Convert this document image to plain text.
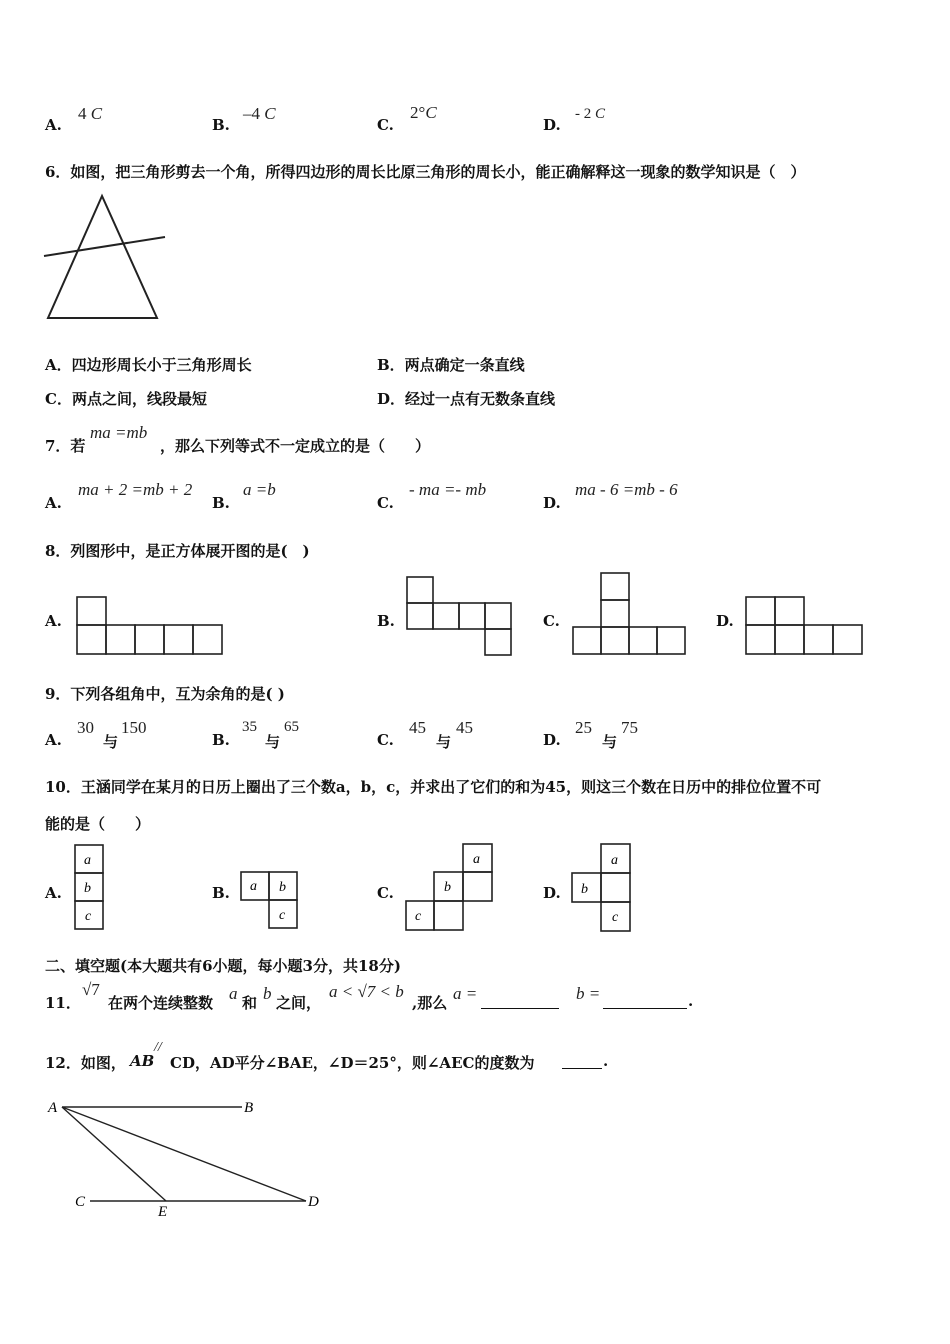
A.
4 C
B.
–4 C
C.
2°C
D.
- 2 C
6．如图，把三角形剪去一个角，所得四边形的周长比原三角形的周长小，能正确解释这一现象的数学知识是（　）
A．四边形周长小于三角形周长	B．两点确定一条直线
C．两点之间，线段最短	D．经过一点有无数条直线
7．若
ma =mb
，那么下列等式不一定成立的是（　　）
A.
ma + 2 =mb + 2
B.
a =b
C.
- ma =- mb
D.
ma - 6 =mb - 6
8．列图形中，是正方体展开图的是(　)
A.	B.	C.	D.
9．下列各组角中，互为余角的是( )
A.
30
与
150
B.
35
与
65
C.
45
与
45
D.
25
与
75
10．王涵同学在某月的日历上圈出了三个数a，b，c，并求出了它们的和为45，则这三个数在日历中的排位位置不可
能的是（　　）
A.
a
b
c
B. a b
c
C.
a
b
c
D.
a
b
c
二、填空题(本大题共有6小题，每小题3分，共18分)
11．
√7
在两个连续整数 a 和 b 之间，
a < √7 < b
,那么 a =	b =	.
12．如图， AB
//
CD，AD平分∠BAE，∠D＝25°，则∠AEC的度数为	.
A	B
C	D
E
